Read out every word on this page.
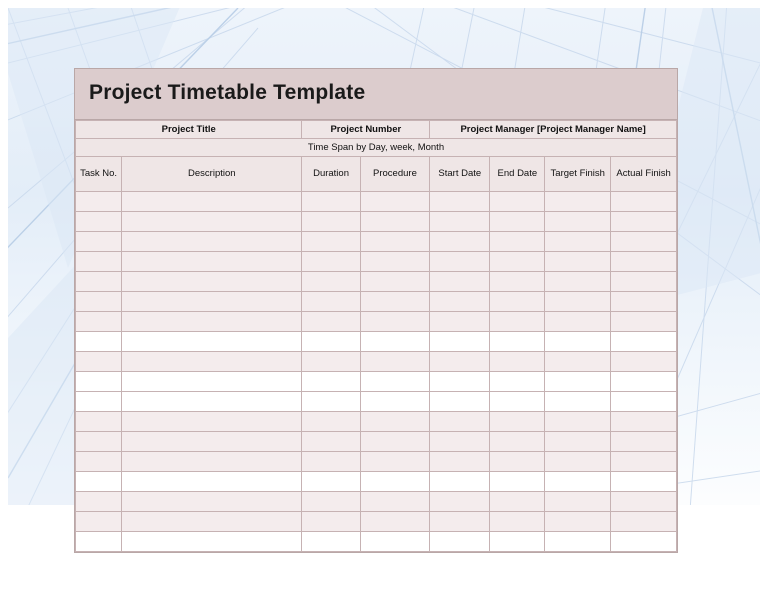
Project Timetable Template
Project Title		Project Number		Project Manager [Project Manager Name]			
Time Span by Day, week, Month							
Task No.	Description	Duration	Procedure	Start Date	End Date	Target Finish	Actual Finish
